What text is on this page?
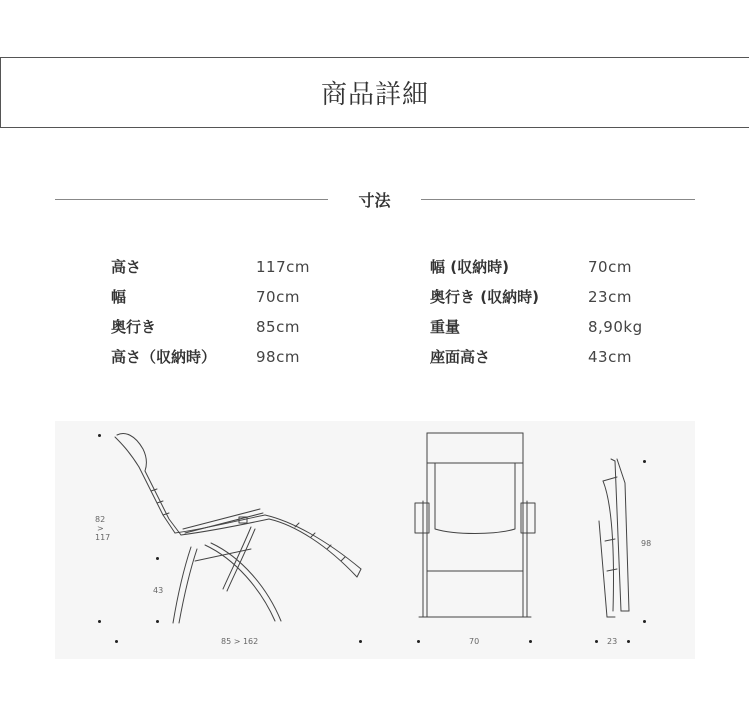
商品詳細
寸法
高さ	117cm
幅	70cm
奥行き	85cm
高さ（収納時）	98cm
幅 (収納時)	70cm
奥行き (収納時)	23cm
重量	8,90kg
座面高さ	43cm
82
>
117
43
85 > 162	70
98
23
